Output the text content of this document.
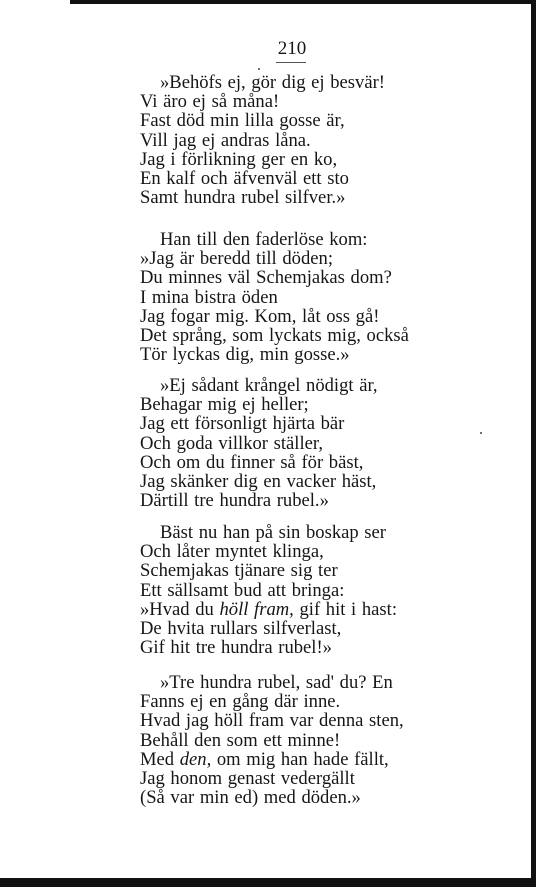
210
»Behöfs ej, gör dig ej besvär!
Vi äro ej så måna!
Fast död min lilla gosse är,
Vill jag ej andras låna.
Jag i förlikning ger en ko,
En kalf och äfvenväl ett sto
Samt hundra rubel silfver.»
Han till den faderlöse kom:
»Jag är beredd till döden;
Du minnes väl Schemjakas dom?
I mina bistra öden
Jag fogar mig. Kom, låt oss gå!
Det språng, som lyckats mig, också
Tör lyckas dig, min gosse.»
»Ej sådant krångel nödigt är,
Behagar mig ej heller;
Jag ett försonligt hjärta bär
Och goda villkor ställer,
Och om du finner så för bäst,
Jag skänker dig en vacker häst,
Därtill tre hundra rubel.»
Bäst nu han på sin boskap ser
Och låter myntet klinga,
Schemjakas tjänare sig ter
Ett sällsamt bud att bringa:
»Hvad du höll fram, gif hit i hast:
De hvita rullars silfverlast,
Gif hit tre hundra rubel!»
»Tre hundra rubel, sad' du? En
Fanns ej en gång där inne.
Hvad jag höll fram var denna sten,
Behåll den som ett minne!
Med den, om mig han hade fällt,
Jag honom genast vedergällt
(Så var min ed) med döden.»
